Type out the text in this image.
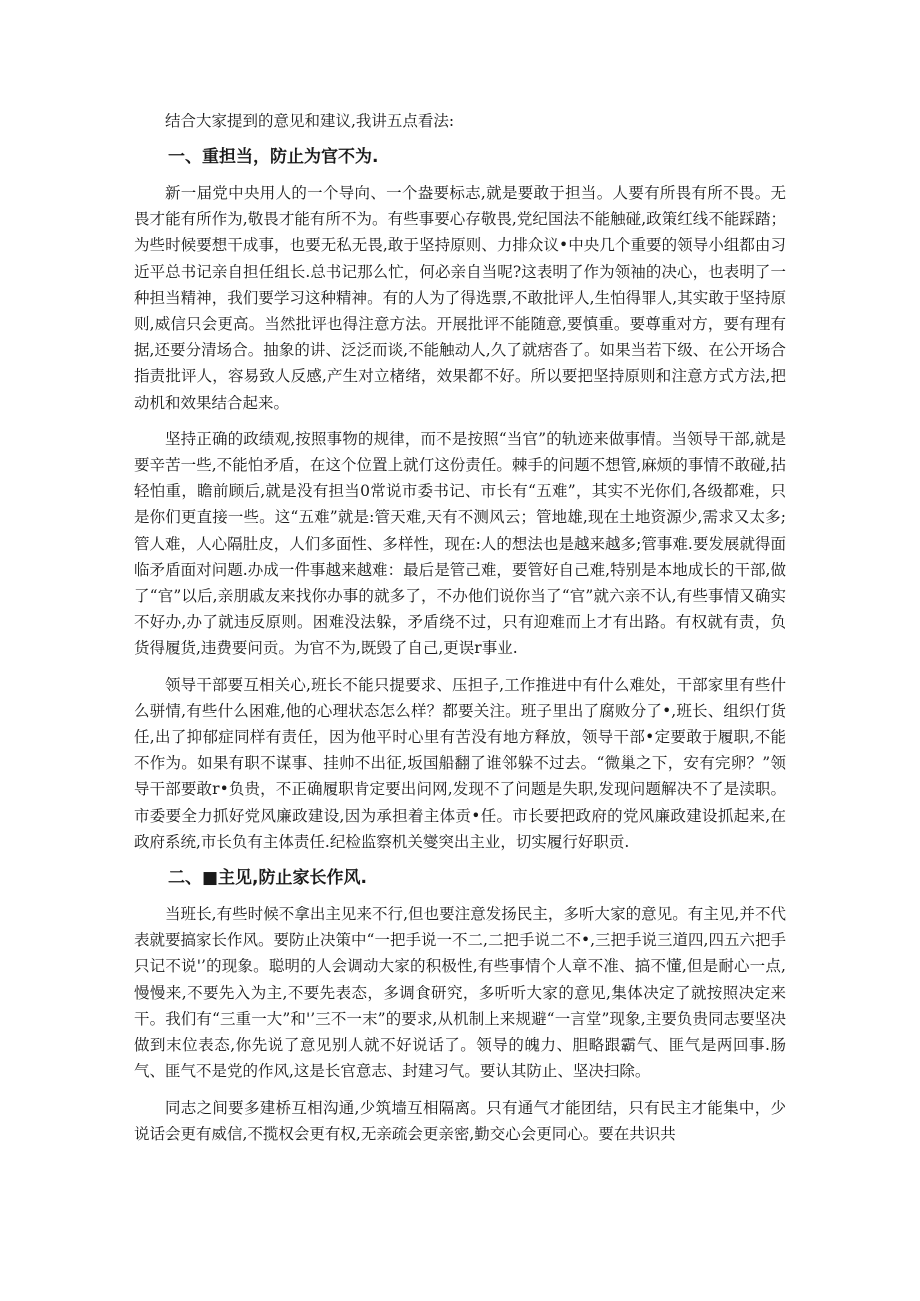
结合大家提到的意见和建议,我讲五点看法:

一、重担当，防止为官不为.

新一届党中央用人的一个导向、一个盎要标志,就是要敢于担当。人要有所畏有所不畏。无畏才能有所作为,敬畏才能有所不为。有些事要心存敬畏,党纪国法不能触碰,政策红线不能踩踏；为些时候要想干成事，也要无私无畏,敢于坚持原则、力排众议•中央几个重要的领导小组都由习近平总书记亲自担任组长.总书记那么忙，何必亲自当呢?这表明了作为领袖的决心，也表明了一种担当精神，我们要学习这种精神。有的人为了得选票,不敢批评人,生怕得罪人,其实敢于坚持原则,威信只会更高。当然批评也得注意方法。开展批评不能随意,要慎重。要尊重对方，要有理有据,还要分清场合。抽象的讲、泛泛而谈,不能触动人,久了就痞沓了。如果当若下级、在公开场合指责批评人，容易致人反感,产生对立楮绪，效果都不好。所以要把坚持原则和注意方式方法,把动机和效果结合起来。

坚持正确的政绩观,按照事物的规律，而不是按照“当官”的轨迹来做事情。当领导干部,就是要辛苦一些,不能怕矛盾，在这个位置上就仃这份责任。棘手的问题不想管,麻烦的事情不敢碰,拈轻怕重，瞻前顾后,就是没有担当0常说市委书记、市长有“五难”，其实不光你们,各级都难，只是你们更直接一些。这“五难”就是:管天难,天有不测风云；管地雄,现在土地资源少,需求又太多;管人难，人心隔肚皮，人们多面性、多样性，现在:人的想法也是越来越多;管事难.要发展就得面临矛盾面对问题.办成一件事越来越难：最后是管己难，要管好自己难,特别是本地成长的干部,做了“官”以后,亲朋戚友来找你办事的就多了，不办他们说你当了“官”就六亲不认,有些事情又确实不好办,办了就违反原则。困难没法躲，矛盾绕不过，只有迎难而上才有出路。有权就有责，负货得履货,违费要问贡。为官不为,既毁了自己,更误r事业.

领导干部要互相关心,班长不能只提要求、压担子,工作推进中有什么难处，干部家里有些什么骈情,有些什么困难,他的心理状态怎么样？都要关注。班子里出了腐败分了•,班长、组织仃货任,出了抑郁症同样有责任，因为他平时心里有苦没有地方释放，领导干部•定要敢于履职,不能不作为。如果有职不谋事、挂帅不出征,坂国船翻了谁邻躲不过去。“微巢之下，安有完卵？”领导干部要敢r•负贵，不正确履职肯定要出问网,发现不了问题是失职,发现问题解决不了是渎职。市委要全力抓好党风廉政建设,因为承担着主体贡•任。市长要把政府的党风廉政建设抓起来,在政府系统,市长负有主体责任.纪检监察机关燮突出主业，切实履行好职贡.

二、■主见,防止家长作风.

当班长,有些时候不拿出主见来不行,但也要注意发扬民主，多听大家的意见。有主见,并不代表就要搞家长作风。要防止决策中“一把手说一不二,二把手说二不•,三把手说三道四,四五六把手只记不说'’的现象。聪明的人会调动大家的积极性,有些事情个人章不准、搞不懂,但是耐心一点,慢慢来,不要先入为主,不要先表态，多调食研究，多听听大家的意见,集体决定了就按照决定来干。我们有“三重一大”和'’三不一末”的要求,从机制上来规避“一言堂”现象,主要负贵同志要坚决做到末位表态,你先说了意见别人就不好说话了。领导的魄力、胆略跟霸气、匪气是两回事.肠气、匪气不是党的作风,这是长官意志、封建习气。要认其防止、坚决扫除。

同志之间要多建桥互相沟通,少筑墙互相隔离。只有通气才能团结，只有民主才能集中，少说话会更有威信,不揽权会更有权,无亲疏会更亲密,勤交心会更同心。要在共识共
